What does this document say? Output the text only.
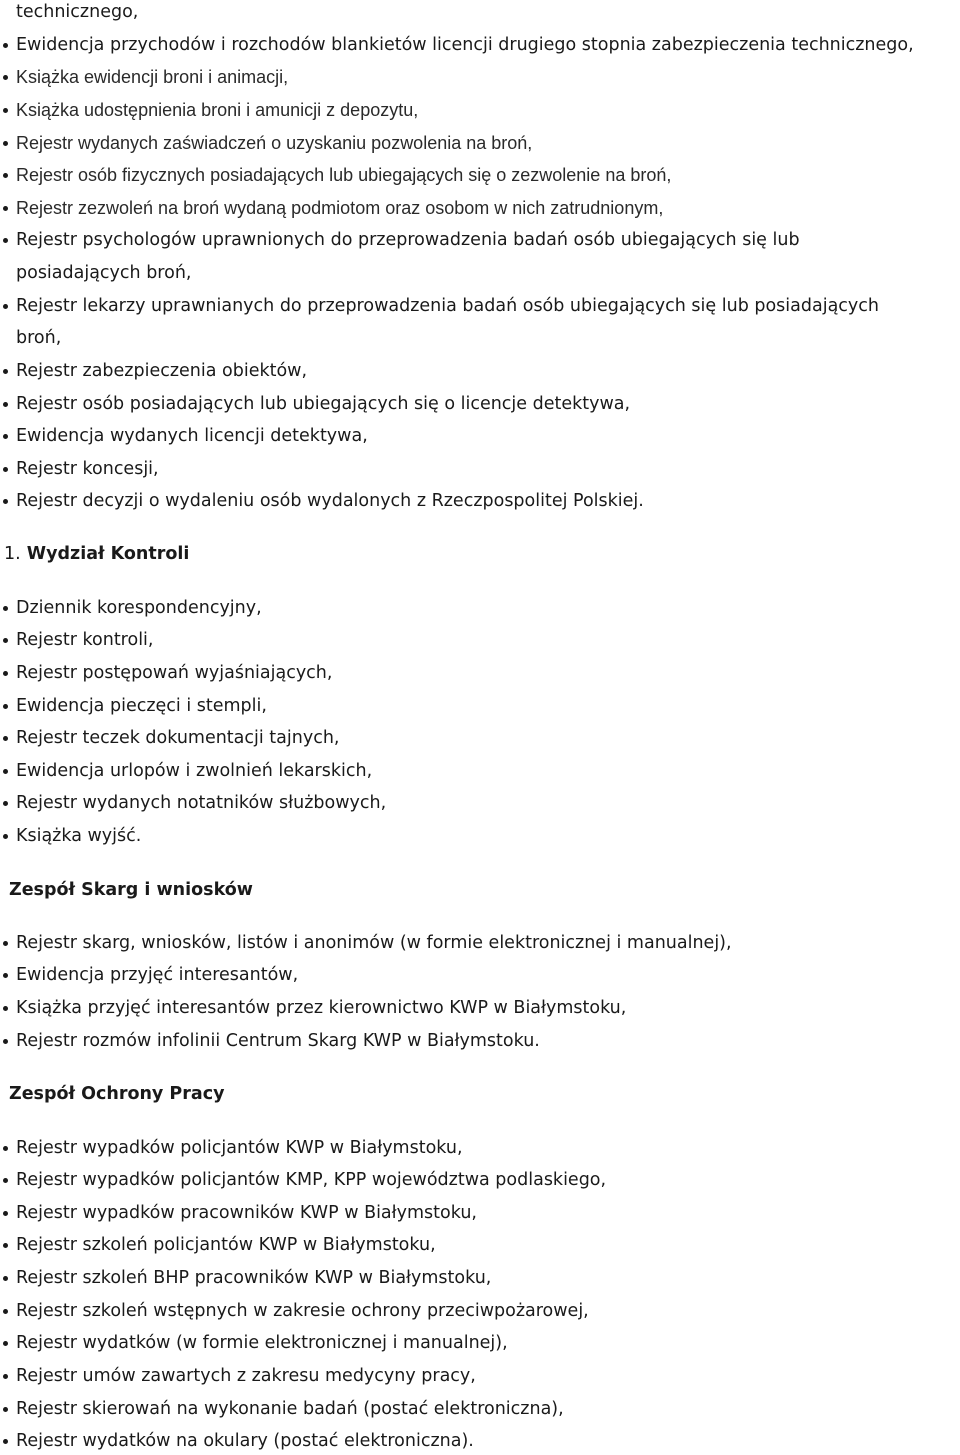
technicznego,
Ewidencja przychodów i rozchodów blankietów licencji drugiego stopnia zabezpieczenia technicznego,
Książka ewidencji broni i animacji,
Książka udostępnienia broni i amunicji z depozytu,
Rejestr wydanych zaświadczeń o uzyskaniu pozwolenia na broń,
Rejestr osób fizycznych posiadających lub ubiegających się o zezwolenie na broń,
Rejestr zezwoleń na broń wydaną podmiotom oraz osobom w nich zatrudnionym,
Rejestr psychologów uprawnionych do przeprowadzenia badań osób ubiegających się lub
posiadających broń,
Rejestr lekarzy uprawnianych do przeprowadzenia badań osób ubiegających się lub posiadających
broń,
Rejestr zabezpieczenia obiektów,
Rejestr osób posiadających lub ubiegających się o licencje detektywa,
Ewidencja wydanych licencji detektywa,
Rejestr koncesji,
Rejestr decyzji o wydaleniu osób wydalonych z Rzeczpospolitej Polskiej.
1. Wydział Kontroli
Dziennik korespondencyjny,
Rejestr kontroli,
Rejestr postępowań wyjaśniających,
Ewidencja pieczęci i stempli,
Rejestr teczek dokumentacji tajnych,
Ewidencja urlopów i zwolnień lekarskich,
Rejestr wydanych notatników służbowych,
Książka wyjść.
Zespół Skarg i wniosków
Rejestr skarg, wniosków, listów i anonimów (w formie elektronicznej i manualnej),
Ewidencja przyjęć interesantów,
Książka przyjęć interesantów przez kierownictwo KWP w Białymstoku,
Rejestr rozmów infolinii Centrum Skarg KWP w Białymstoku.
Zespół Ochrony Pracy
Rejestr wypadków policjantów KWP w Białymstoku,
Rejestr wypadków policjantów KMP, KPP województwa podlaskiego,
Rejestr wypadków pracowników KWP w Białymstoku,
Rejestr szkoleń policjantów KWP w Białymstoku,
Rejestr szkoleń BHP pracowników KWP w Białymstoku,
Rejestr szkoleń wstępnych w zakresie ochrony przeciwpożarowej,
Rejestr wydatków (w formie elektronicznej i manualnej),
Rejestr umów zawartych z zakresu medycyny pracy,
Rejestr skierowań na wykonanie badań (postać elektroniczna),
Rejestr wydatków na okulary (postać elektroniczna).
